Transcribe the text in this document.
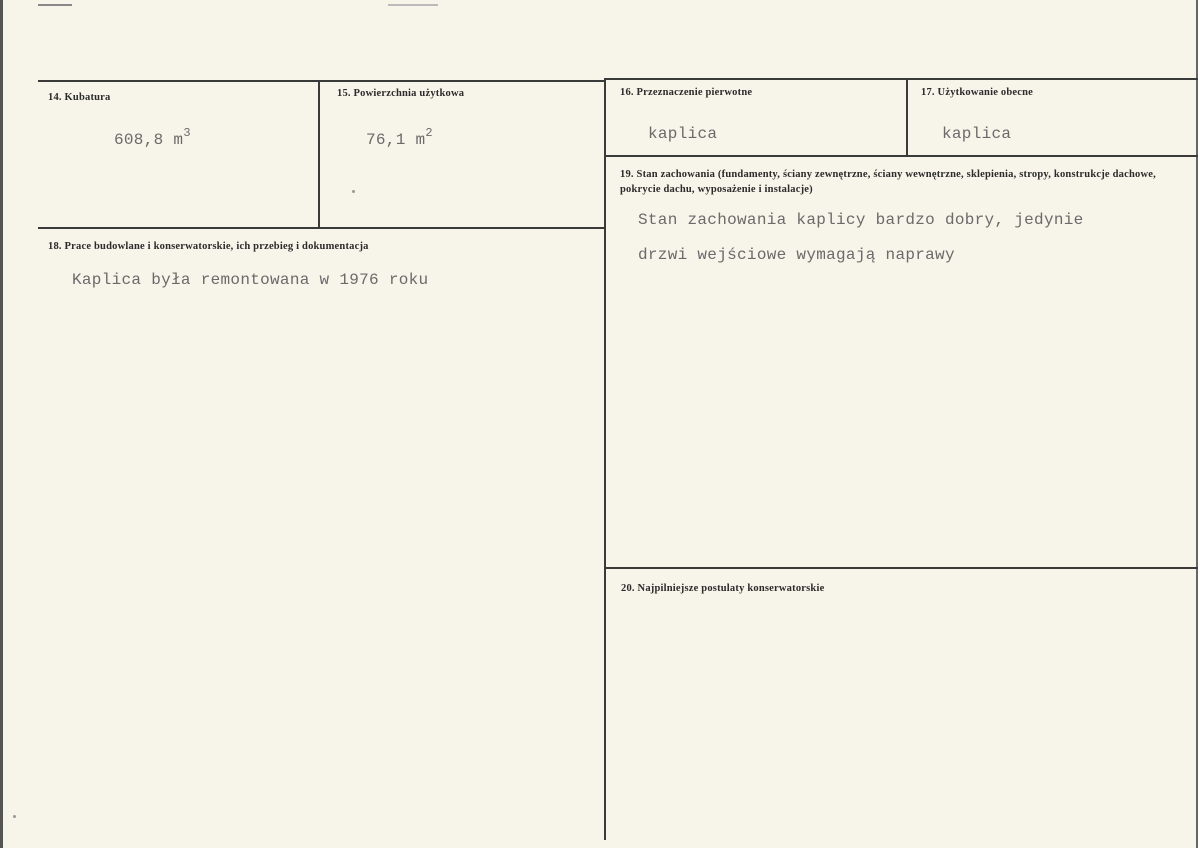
14. Kubatura
608,8 $m^3$
15. Powierzchnia użytkowa
76,1 $m^2$
16. Przeznaczenie pierwotne
kaplica
17. Użytkowanie obecne
kaplica
18. Prace budowlane i konserwatorskie, ich przebieg i dokumentacja
Kaplica była remontowana w 1976 roku
19. Stan zachowania (fundamenty, ściany zewnętrzne, ściany wewnętrzne, sklepienia, stropy, konstrukcje dachowe, pokrycie dachu, wyposażenie i instalacje)
Stan zachowania kaplicy bardzo dobry, jedynie
drzwi wejściowe wymagają naprawy
20. Najpilniejsze postulaty konserwatorskie
